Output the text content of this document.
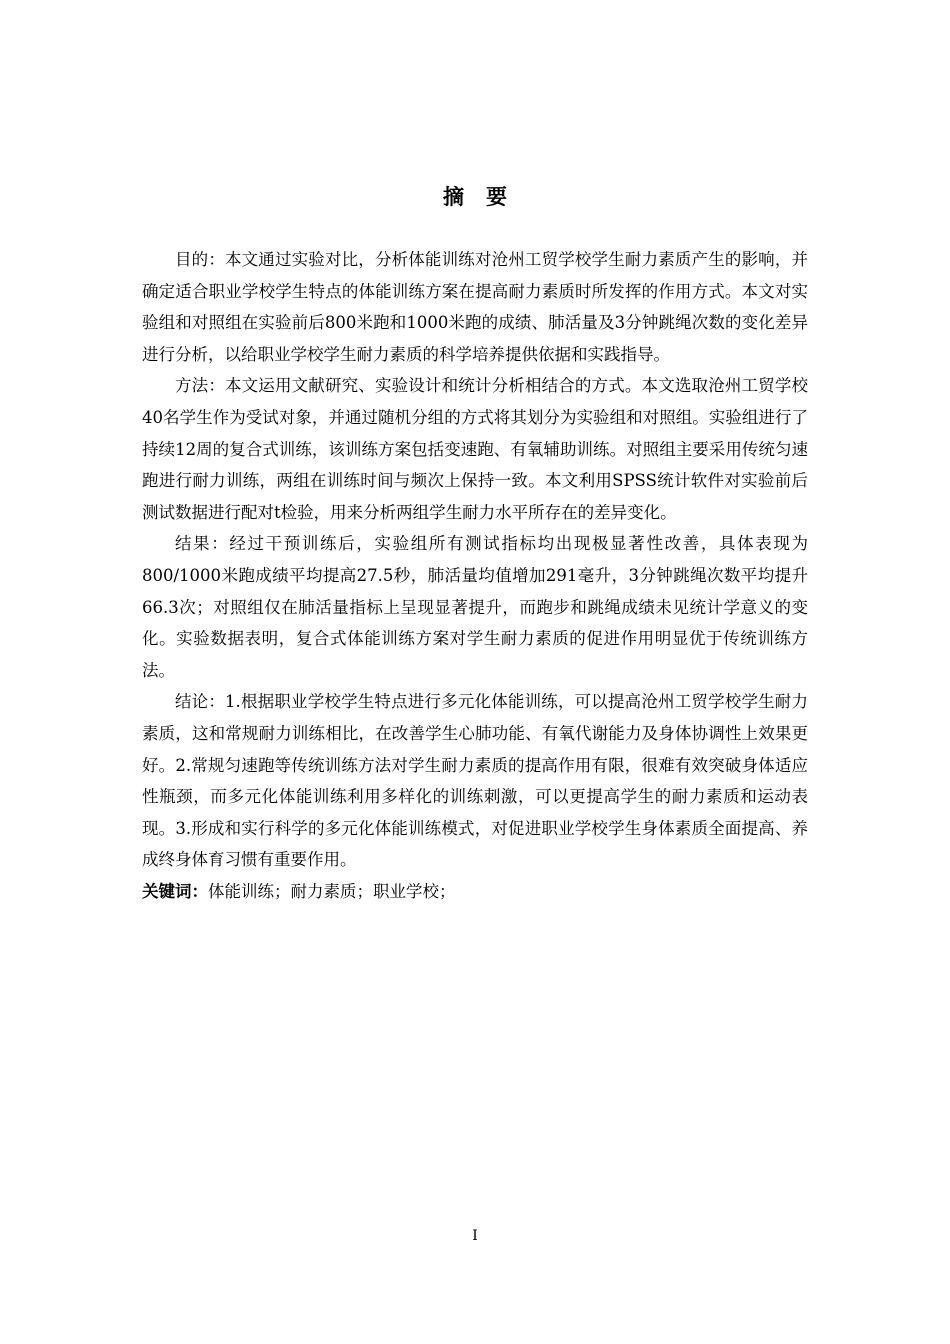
摘要

目的：本文通过实验对比，分析体能训练对沧州工贸学校学生耐力素质产生的影响，并确定适合职业学校学生特点的体能训练方案在提高耐力素质时所发挥的作用方式。本文对实验组和对照组在实验前后800米跑和1000米跑的成绩、肺活量及3分钟跳绳次数的变化差异进行分析，以给职业学校学生耐力素质的科学培养提供依据和实践指导。

方法：本文运用文献研究、实验设计和统计分析相结合的方式。本文选取沧州工贸学校40名学生作为受试对象，并通过随机分组的方式将其划分为实验组和对照组。实验组进行了持续12周的复合式训练，该训练方案包括变速跑、有氧辅助训练。对照组主要采用传统匀速跑进行耐力训练，两组在训练时间与频次上保持一致。本文利用SPSS统计软件对实验前后测试数据进行配对t检验，用来分析两组学生耐力水平所存在的差异变化。

结果：经过干预训练后，实验组所有测试指标均出现极显著性改善，具体表现为800/1000米跑成绩平均提高27.5秒，肺活量均值增加291毫升，3分钟跳绳次数平均提升66.3次；对照组仅在肺活量指标上呈现显著提升，而跑步和跳绳成绩未见统计学意义的变化。实验数据表明，复合式体能训练方案对学生耐力素质的促进作用明显优于传统训练方法。

结论：1.根据职业学校学生特点进行多元化体能训练，可以提高沧州工贸学校学生耐力素质，这和常规耐力训练相比，在改善学生心肺功能、有氧代谢能力及身体协调性上效果更好。2.常规匀速跑等传统训练方法对学生耐力素质的提高作用有限，很难有效突破身体适应性瓶颈，而多元化体能训练利用多样化的训练刺激，可以更提高学生的耐力素质和运动表现。3.形成和实行科学的多元化体能训练模式，对促进职业学校学生身体素质全面提高、养成终身体育习惯有重要作用。

关键词：体能训练；耐力素质；职业学校；

I
